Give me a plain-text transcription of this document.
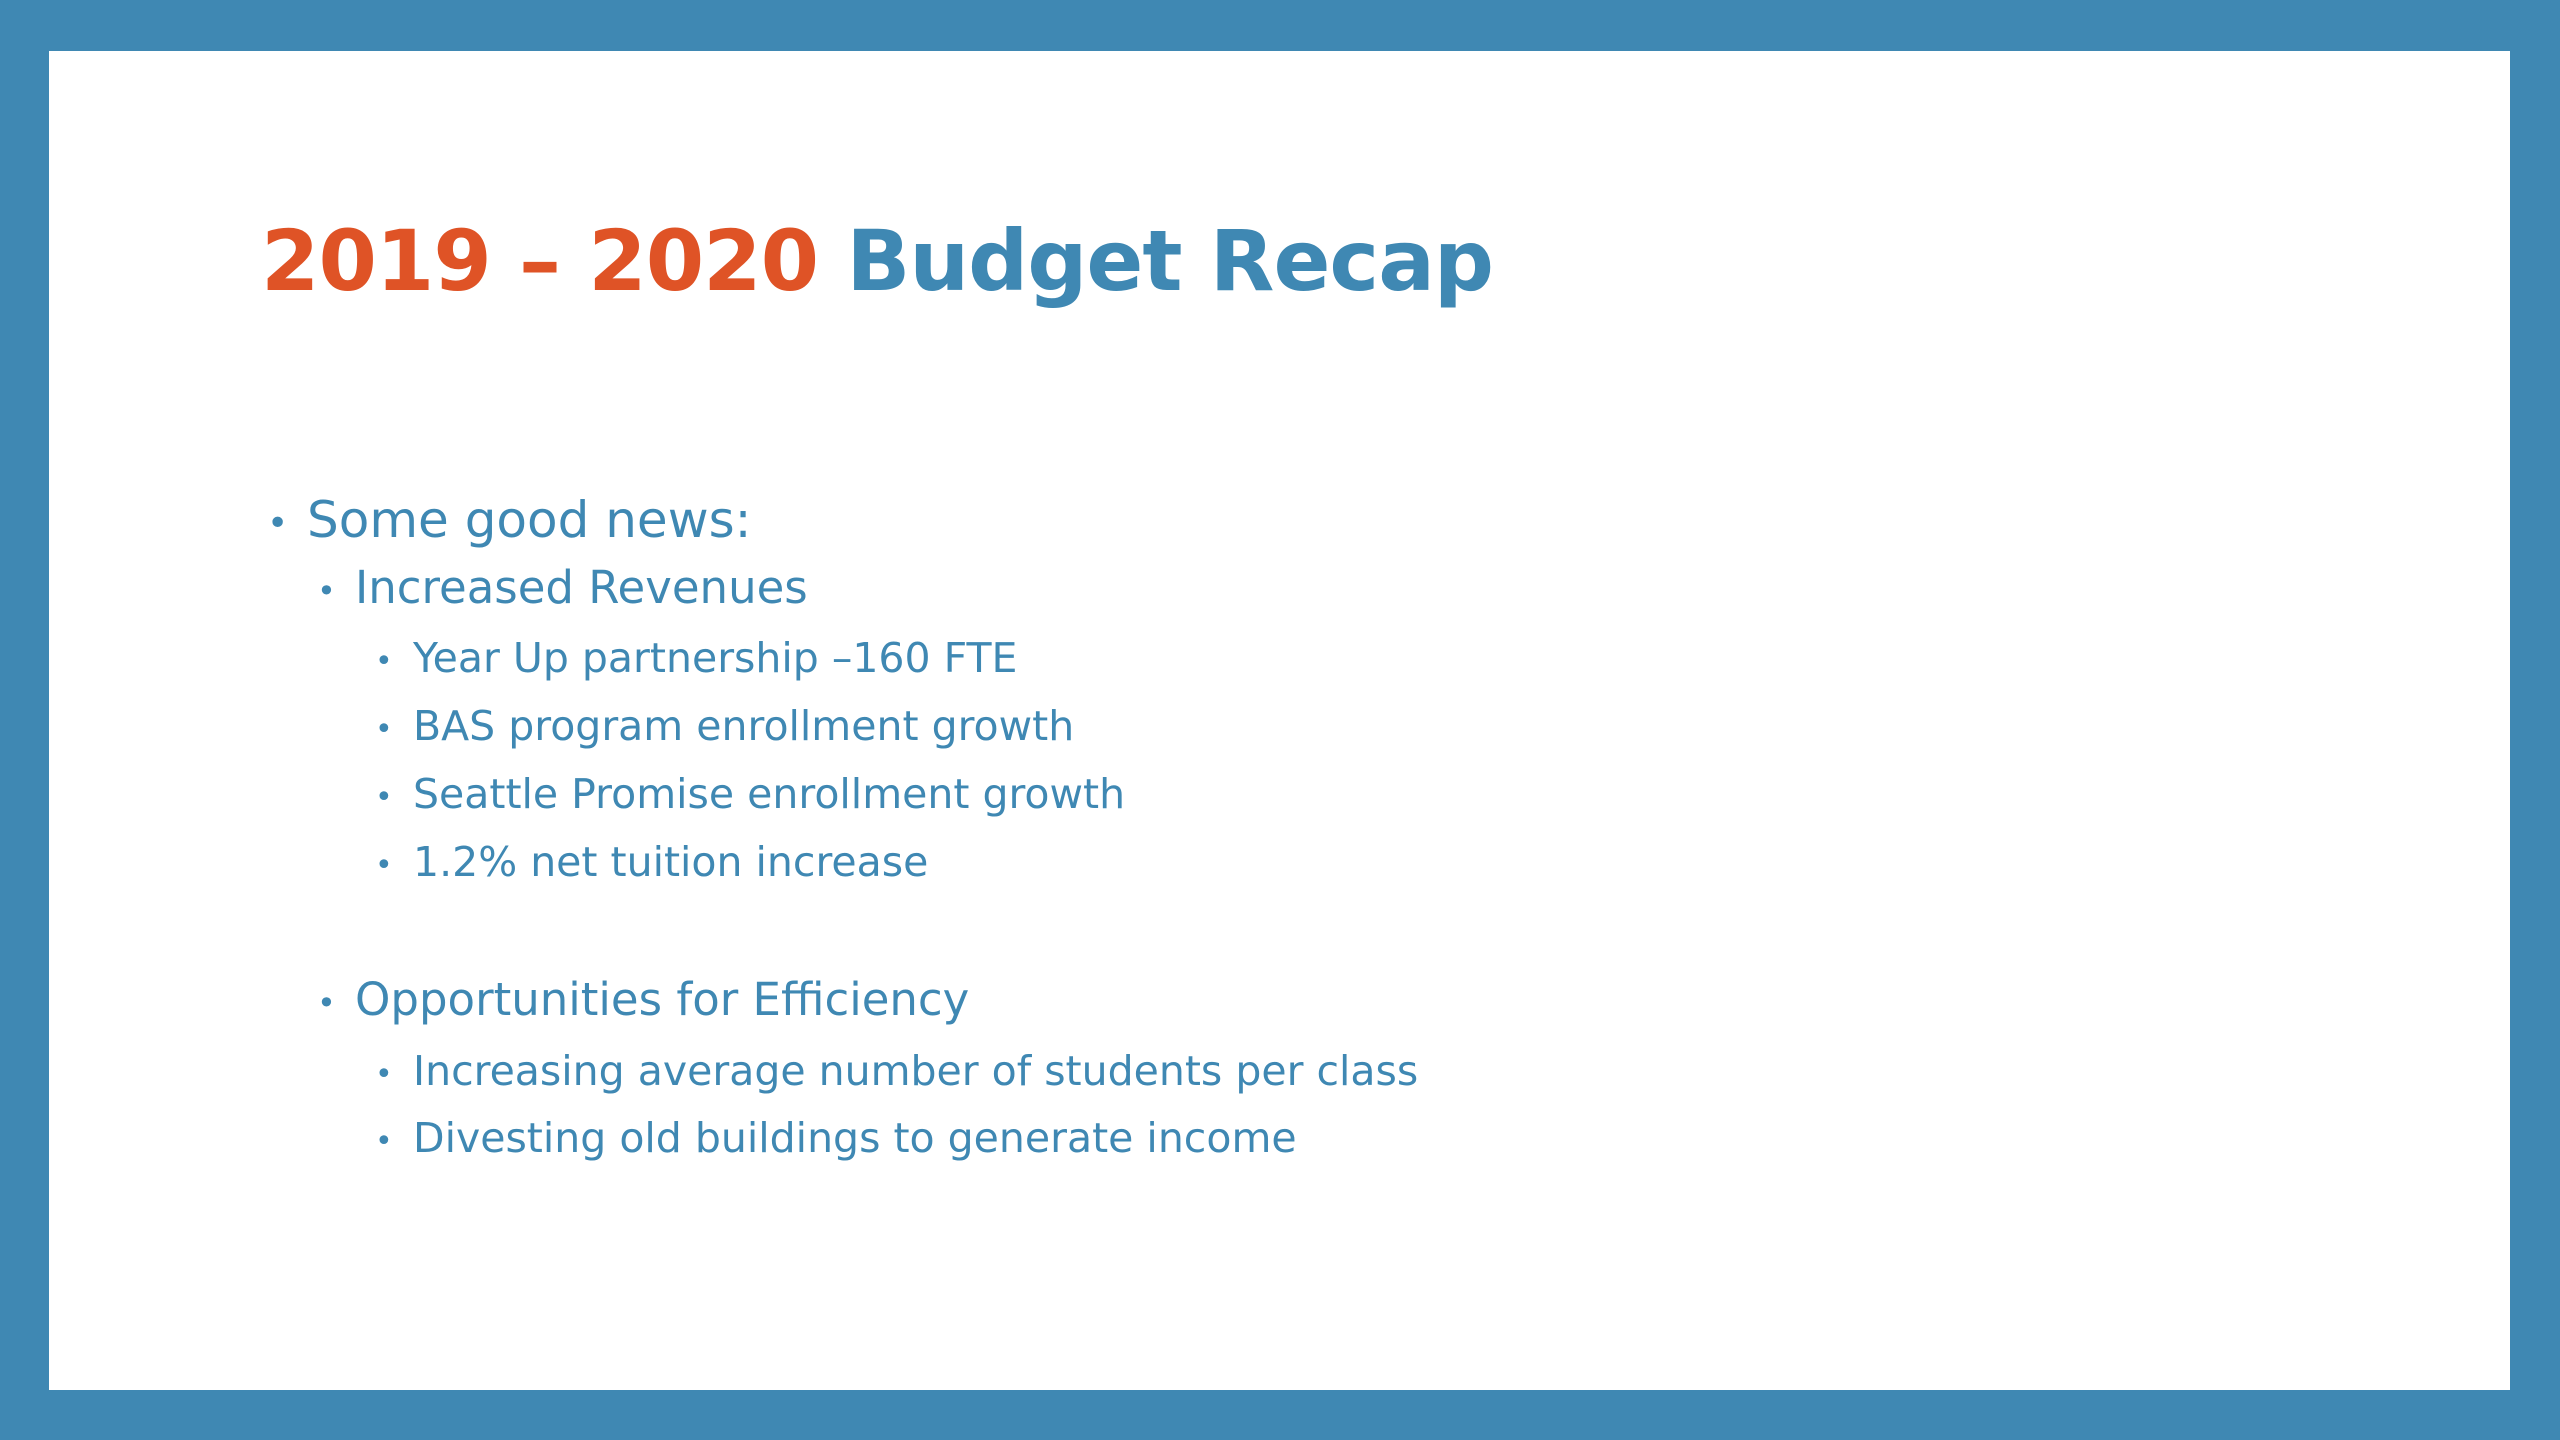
2019 – 2020 Budget Recap
• Some good news:
• Increased Revenues
• Year Up partnership –160 FTE
• BAS program enrollment growth
• Seattle Promise enrollment growth
• 1.2% net tuition increase
• Opportunities for Efficiency
• Increasing average number of students per class
• Divesting old buildings to generate income
